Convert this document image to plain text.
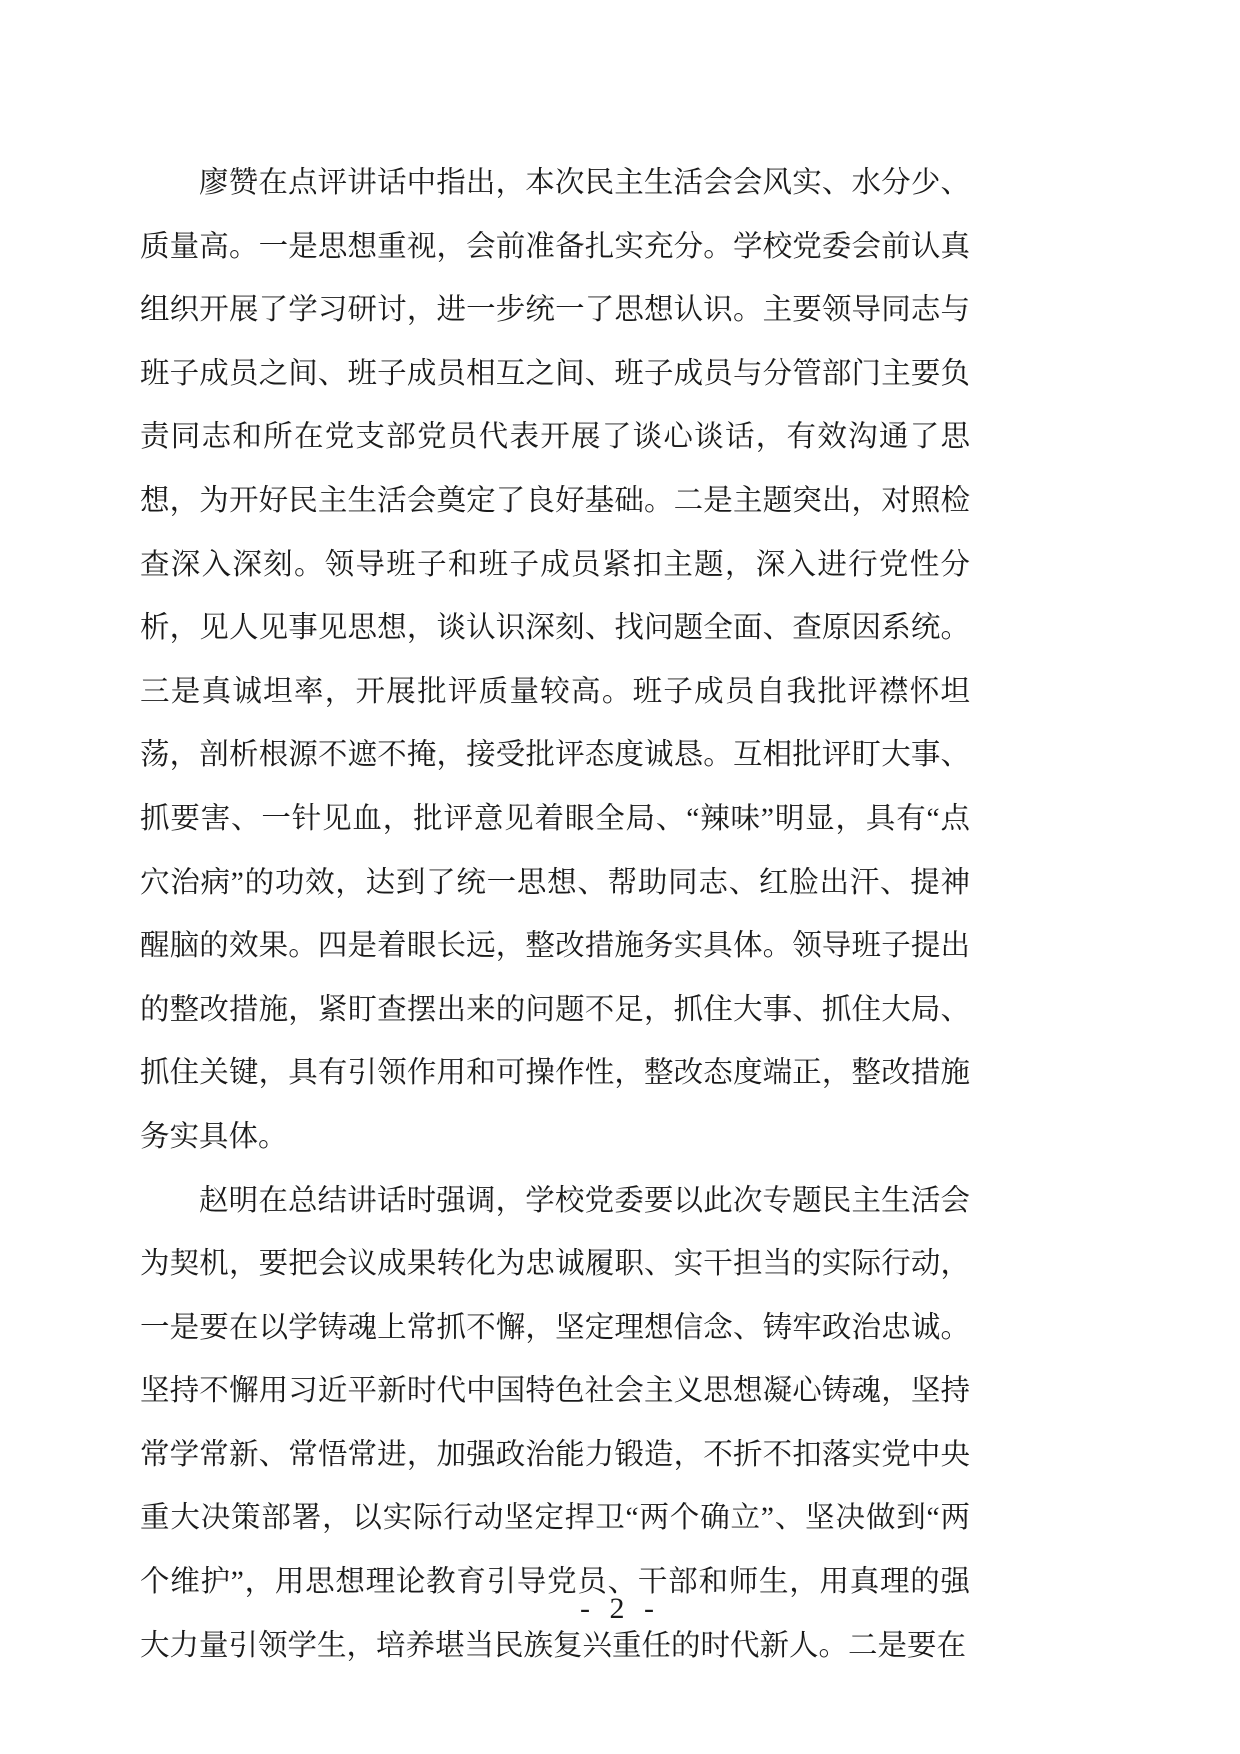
廖赞在点评讲话中指出，本次民主生活会会风实、水分少、质量高。一是思想重视，会前准备扎实充分。学校党委会前认真组织开展了学习研讨，进一步统一了思想认识。主要领导同志与班子成员之间、班子成员相互之间、班子成员与分管部门主要负责同志和所在党支部党员代表开展了谈心谈话，有效沟通了思想，为开好民主生活会奠定了良好基础。二是主题突出，对照检查深入深刻。领导班子和班子成员紧扣主题，深入进行党性分析，见人见事见思想，谈认识深刻、找问题全面、查原因系统。三是真诚坦率，开展批评质量较高。班子成员自我批评襟怀坦荡，剖析根源不遮不掩，接受批评态度诚恳。互相批评盯大事、抓要害、一针见血，批评意见着眼全局、“辣味”明显，具有“点穴治病”的功效，达到了统一思想、帮助同志、红脸出汗、提神醒脑的效果。四是着眼长远，整改措施务实具体。领导班子提出的整改措施，紧盯查摆出来的问题不足，抓住大事、抓住大局、抓住关键，具有引领作用和可操作性，整改态度端正，整改措施务实具体。

赵明在总结讲话时强调，学校党委要以此次专题民主生活会为契机，要把会议成果转化为忠诚履职、实干担当的实际行动，一是要在以学铸魂上常抓不懈，坚定理想信念、铸牢政治忠诚。坚持不懈用习近平新时代中国特色社会主义思想凝心铸魂，坚持常学常新、常悟常进，加强政治能力锻造，不折不扣落实党中央重大决策部署，以实际行动坚定捍卫“两个确立”、坚决做到“两个维护”，用思想理论教育引导党员、干部和师生，用真理的强大力量引领学生，培养堪当民族复兴重任的时代新人。二是要在

- 2 -
